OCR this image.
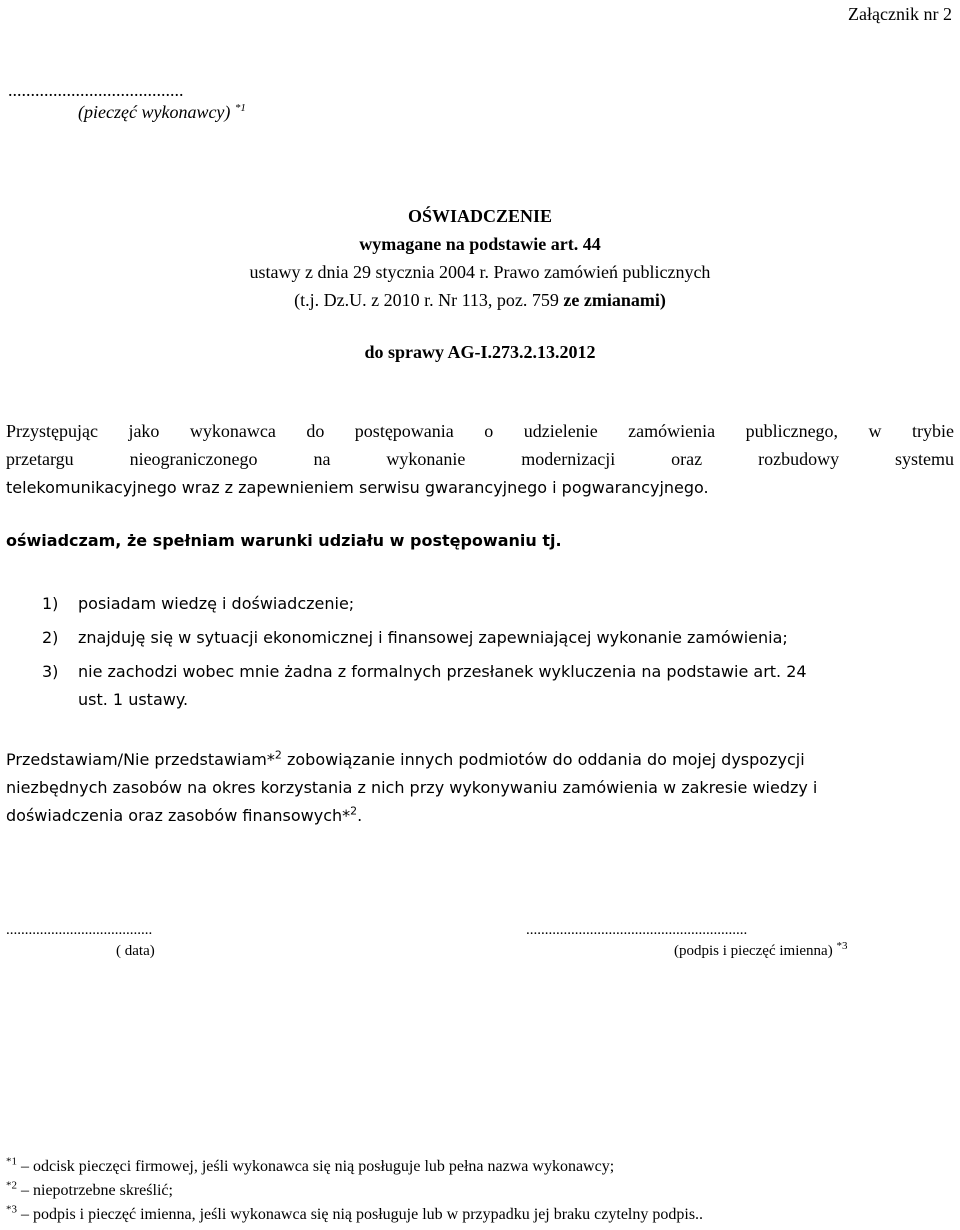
Załącznik nr 2
.......................................
(pieczęć wykonawcy) $^{*1}$
OŚWIADCZENIE
wymagane na podstawie art. 44
ustawy z dnia 29 stycznia 2004 r. Prawo zamówień publicznych
(t.j. Dz.U. z 2010 r. Nr 113, poz. 759 ze zmianami)
do sprawy AG-I.273.2.13.2012
Przystępując jako wykonawca do postępowania o udzielenie zamówienia publicznego, w trybie
przetargu nieograniczonego na wykonanie modernizacji oraz rozbudowy systemu
telekomunikacyjnego wraz z zapewnieniem serwisu gwarancyjnego i pogwarancyjnego.
oświadczam, że spełniam warunki udziału w postępowaniu tj.
1) posiadam wiedzę i doświadczenie;
2) znajduję się w sytuacji ekonomicznej i finansowej zapewniającej wykonanie zamówienia;
3) nie zachodzi wobec mnie żadna z formalnych przesłanek wykluczenia na podstawie art. 24
ust. 1 ustawy.
Przedstawiam/Nie przedstawiam*$^2$ zobowiązanie innych podmiotów do oddania do mojej dyspozycji
niezbędnych zasobów na okres korzystania z nich przy wykonywaniu zamówienia w zakresie wiedzy i
doświadczenia oraz zasobów finansowych*$^2$.
.......................................
( data)
...........................................................
(podpis i pieczęć imienna) $^{*3}$
$^{*1}$ – odcisk pieczęci firmowej, jeśli wykonawca się nią posługuje lub pełna nazwa wykonawcy;
$^{*2}$ – niepotrzebne skreślić;
$^{*3}$ – podpis i pieczęć imienna, jeśli wykonawca się nią posługuje lub w przypadku jej braku czytelny podpis..
